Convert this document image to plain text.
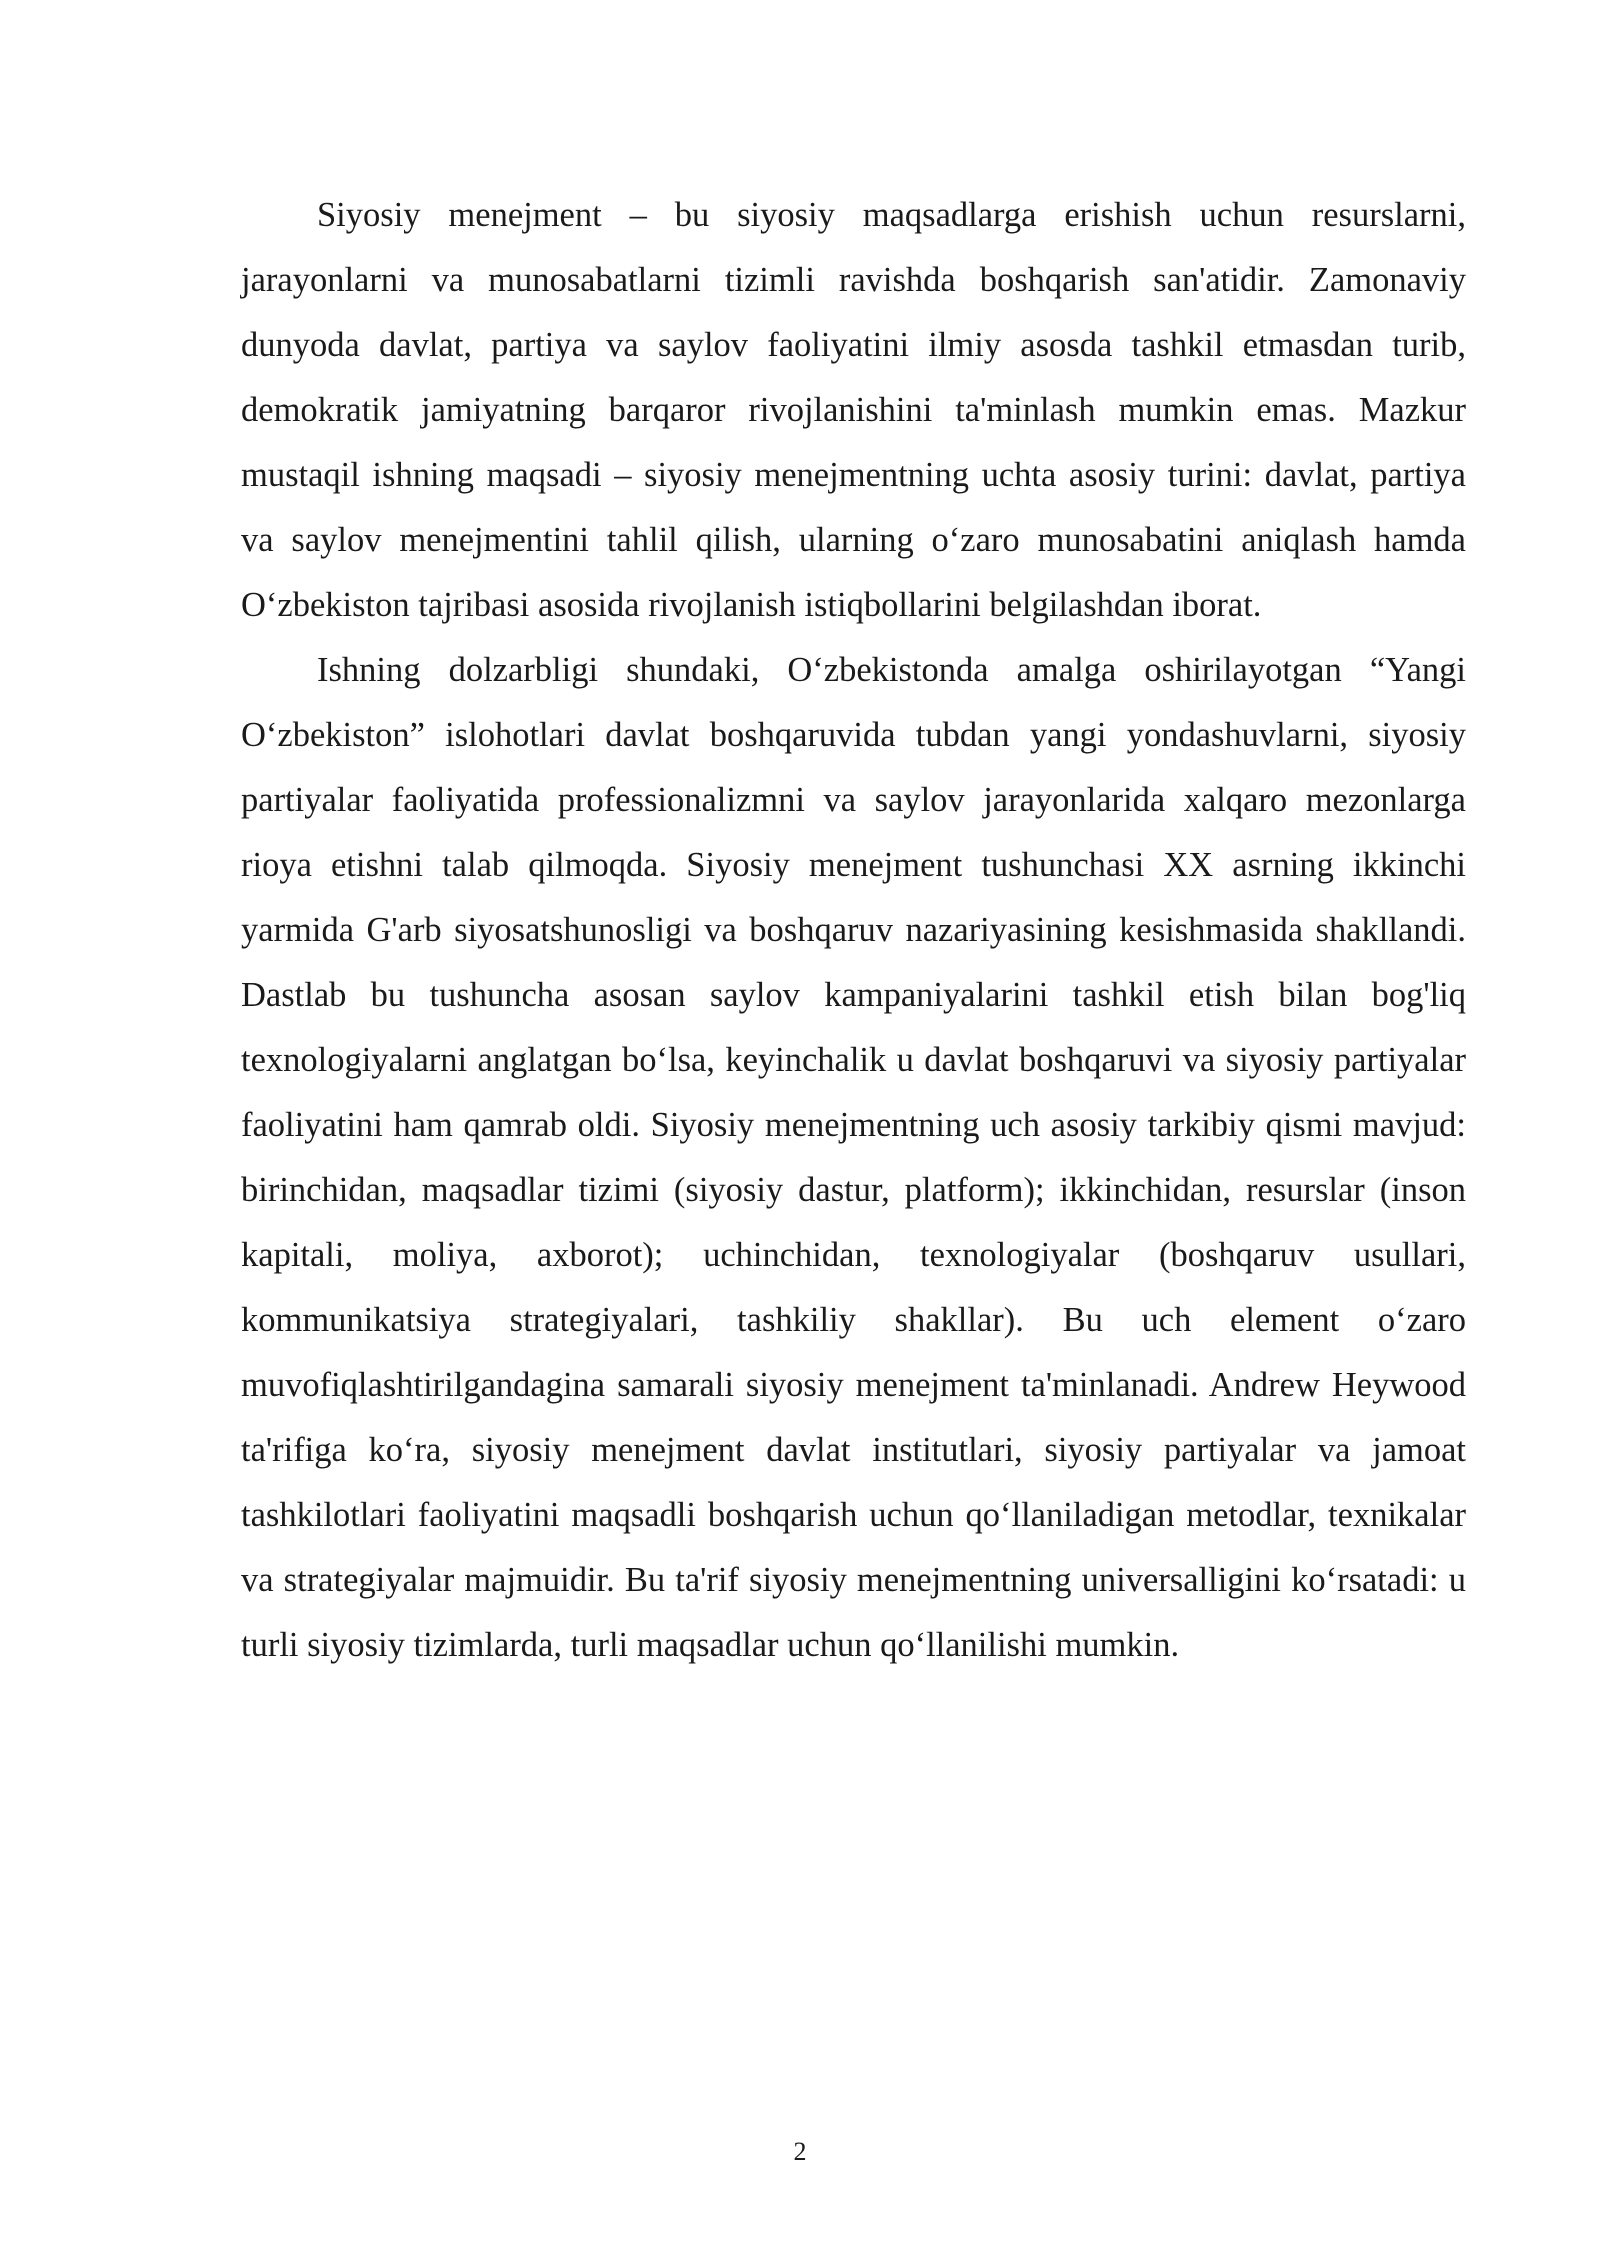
Siyosiy menejment – bu siyosiy maqsadlarga erishish uchun resurslarni, jarayonlarni va munosabatlarni tizimli ravishda boshqarish san'atidir. Zamonaviy dunyoda davlat, partiya va saylov faoliyatini ilmiy asosda tashkil etmasdan turib, demokratik jamiyatning barqaror rivojlanishini ta'minlash mumkin emas. Mazkur mustaqil ishning maqsadi – siyosiy menejmentning uchta asosiy turini: davlat, partiya va saylov menejmentini tahlil qilish, ularning o‘zaro munosabatini aniqlash hamda O‘zbekiston tajribasi asosida rivojlanish istiqbollarini belgilashdan iborat.

Ishning dolzarbligi shundaki, O‘zbekistonda amalga oshirilayotgan “Yangi O‘zbekiston” islohotlari davlat boshqaruvida tubdan yangi yondashuvlarni, siyosiy partiyalar faoliyatida professionalizmni va saylov jarayonlarida xalqaro mezonlarga rioya etishni talab qilmoqda. Siyosiy menejment tushunchasi XX asrning ikkinchi yarmida G'arb siyosatshunosligi va boshqaruv nazariyasining kesishmasida shakllandi. Dastlab bu tushuncha asosan saylov kampaniyalarini tashkil etish bilan bog'liq texnologiyalarni anglatgan bo‘lsa, keyinchalik u davlat boshqaruvi va siyosiy partiyalar faoliyatini ham qamrab oldi. Siyosiy menejmentning uch asosiy tarkibiy qismi mavjud: birinchidan, maqsadlar tizimi (siyosiy dastur, platform); ikkinchidan, resurslar (inson kapitali, moliya, axborot); uchinchidan, texnologiyalar (boshqaruv usullari, kommunikatsiya strategiyalari, tashkiliy shakllar). Bu uch element o‘zaro muvofiqlashtirilgandagina samarali siyosiy menejment ta'minlanadi. Andrew Heywood ta'rifiga ko‘ra, siyosiy menejment davlat institutlari, siyosiy partiyalar va jamoat tashkilotlari faoliyatini maqsadli boshqarish uchun qo‘llaniladigan metodlar, texnikalar va strategiyalar majmuidir. Bu ta'rif siyosiy menejmentning universalligini ko‘rsatadi: u turli siyosiy tizimlarda, turli maqsadlar uchun qo‘llanilishi mumkin.

2
